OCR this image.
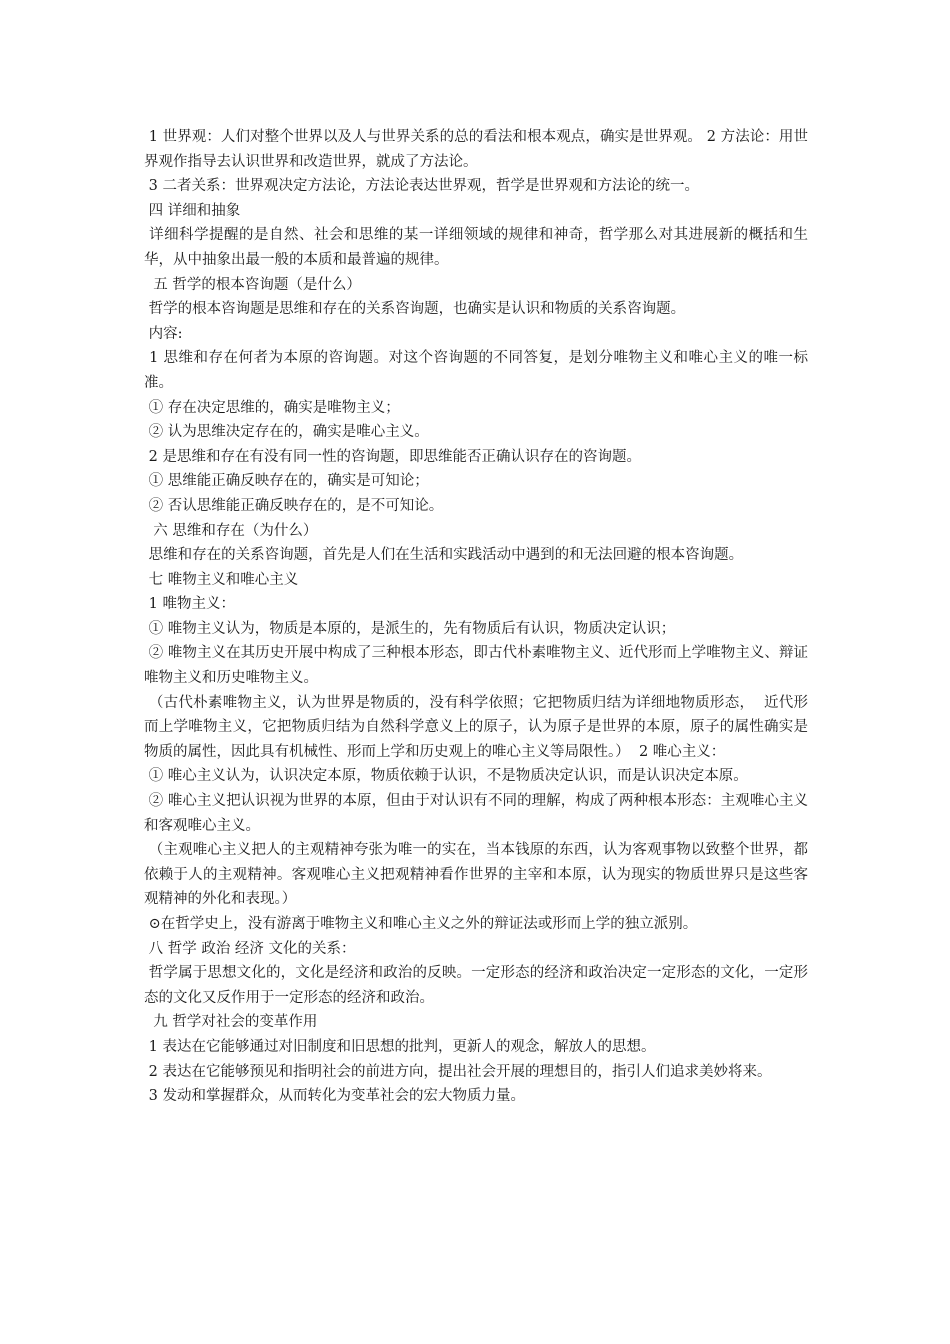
1 世界观：人们对整个世界以及人与世界关系的总的看法和根本观点，确实是世界观。 2 方法论：用世界观作指导去认识世界和改造世界，就成了方法论。
3 二者关系：世界观决定方法论，方法论表达世界观，哲学是世界观和方法论的统一。
四 详细和抽象
详细科学提醒的是自然、社会和思维的某一详细领域的规律和神奇，哲学那么对其进展新的概括和生华，从中抽象出最一般的本质和最普遍的规律。
五 哲学的根本咨询题（是什么）
哲学的根本咨询题是思维和存在的关系咨询题，也确实是认识和物质的关系咨询题。
内容:
1 思维和存在何者为本原的咨询题。对这个咨询题的不同答复，是划分唯物主义和唯心主义的唯一标准。
① 存在决定思维的，确实是唯物主义；
② 认为思维决定存在的，确实是唯心主义。
2 是思维和存在有没有同一性的咨询题，即思维能否正确认识存在的咨询题。
① 思维能正确反映存在的，确实是可知论；
② 否认思维能正确反映存在的，是不可知论。
六 思维和存在（为什么）
思维和存在的关系咨询题，首先是人们在生活和实践活动中遇到的和无法回避的根本咨询题。
七 唯物主义和唯心主义
1 唯物主义：
① 唯物主义认为，物质是本原的，是派生的，先有物质后有认识，物质决定认识；
② 唯物主义在其历史开展中构成了三种根本形态，即古代朴素唯物主义、近代形而上学唯物主义、辩证唯物主义和历史唯物主义。
（古代朴素唯物主义，认为世界是物质的，没有科学依照；它把物质归结为详细地物质形态，  近代形而上学唯物主义，它把物质归结为自然科学意义上的原子，认为原子是世界的本原，原子的属性确实是物质的属性，因此具有机械性、形而上学和历史观上的唯心主义等局限性。）  2 唯心主义：
① 唯心主义认为，认识决定本原，物质依赖于认识，不是物质决定认识，而是认识决定本原。
② 唯心主义把认识视为世界的本原，但由于对认识有不同的理解，构成了两种根本形态：主观唯心主义和客观唯心主义。
（主观唯心主义把人的主观精神夸张为唯一的实在，当本钱原的东西，认为客观事物以致整个世界，都依赖于人的主观精神。客观唯心主义把观精神看作世界的主宰和本原，认为现实的物质世界只是这些客观精神的外化和表现。）
⊙在哲学史上，没有游离于唯物主义和唯心主义之外的辩证法或形而上学的独立派别。
八 哲学 政治 经济 文化的关系：
哲学属于思想文化的，文化是经济和政治的反映。一定形态的经济和政治决定一定形态的文化，一定形态的文化又反作用于一定形态的经济和政治。
九 哲学对社会的变革作用
1 表达在它能够通过对旧制度和旧思想的批判，更新人的观念，解放人的思想。
2 表达在它能够预见和指明社会的前进方向，提出社会开展的理想目的，指引人们追求美妙将来。
3 发动和掌握群众，从而转化为变革社会的宏大物质力量。
